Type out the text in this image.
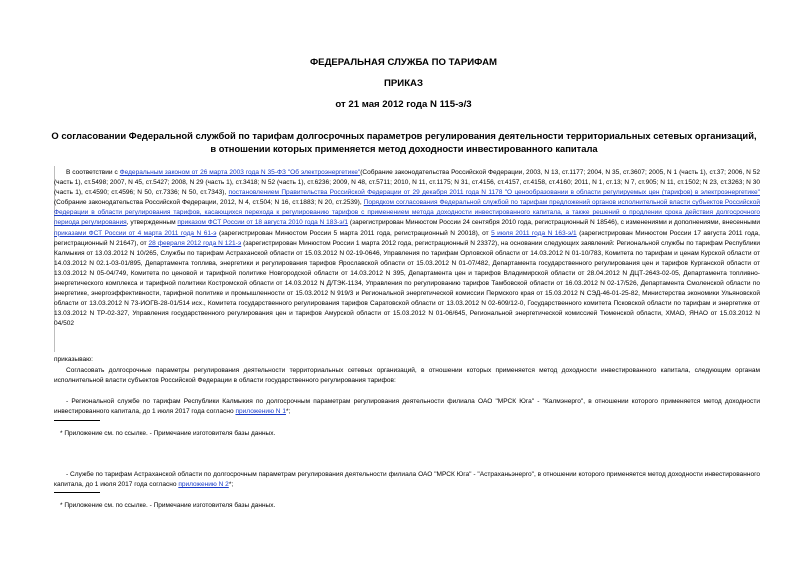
ФЕДЕРАЛЬНАЯ СЛУЖБА ПО ТАРИФАМ
ПРИКАЗ
от 21 мая 2012 года N 115-э/3
О согласовании Федеральной службой по тарифам долгосрочных параметров регулирования деятельности территориальных сетевых организаций, в отношении которых применяется метод доходности инвестированного капитала
В соответствии с Федеральным законом от 26 марта 2003 года N 35-ФЗ "Об электроэнергетике"(Собрание законодательства Российской Федерации, 2003, N 13, ст.1177; 2004, N 35, ст.3607; 2005, N 1 (часть 1), ст.37; 2006, N 52 (часть 1), ст.5498; 2007, N 45, ст.5427; 2008, N 29 (часть 1), ст.3418; N 52 (часть 1), ст.6236; 2009, N 48, ст.5711; 2010, N 11, ст.1175; N 31, ст.4156, ст.4157, ст.4158, ст.4160; 2011, N 1, ст.13; N 7, ст.905; N 11, ст.1502; N 23, ст.3263; N 30 (часть 1), ст.4590; ст.4596; N 50, ст.7336; N 50, ст.7343), постановлением Правительства Российской Федерации от 29 декабря 2011 года N 1178 "О ценообразовании в области регулируемых цен (тарифов) в электроэнергетике" (Собрание законодательства Российской Федерации, 2012, N 4, ст.504; N 16, ст.1883; N 20, ст.2539), Порядком согласования Федеральной службой по тарифам предложений органов исполнительной власти субъектов Российской Федерации в области регулирования тарифов, касающихся перехода к регулированию тарифов с применением метода доходности инвестированного капитала, а также решений о продлении срока действия долгосрочного периода регулирования, утвержденным приказом ФСТ России от 18 августа 2010 года N 183-э/1 (зарегистрирован Минюстом России 24 сентября 2010 года, регистрационный N 18546), с изменениями и дополнениями, внесенными приказами ФСТ России от 4 марта 2011 года N 61-э (зарегистрирован Минюстом России 5 марта 2011 года, регистрационный N 20018), от 5 июля 2011 года N 163-э/1 (зарегистрирован Минюстом России 17 августа 2011 года, регистрационный N 21647), от 28 февраля 2012 года N 121-э (зарегистрирован Минюстом России 1 марта 2012 года, регистрационный N 23372), на основании следующих заявлений: Региональной службы по тарифам Республики Калмыкия от 13.03.2012 N 10/265, Службы по тарифам Астраханской области от 15.03.2012 N 02-19-0646, Управления по тарифам Орловской области от 14.03.2012 N 01-10/783, Комитета по тарифам и ценам Курской области от 14.03.2012 N 02.1-03-01/895, Департамента топлива, энергетики и регулирования тарифов Ярославской области от 15.03.2012 N 01-07/482, Департамента государственного регулирования цен и тарифов Курганской области от 13.03.2012 N 05-04/749, Комитета по ценовой и тарифной политике Новгородской области от 14.03.2012 N 395, Департамента цен и тарифов Владимирской области от 28.04.2012 N ДЦТ-2643-02-05, Департамента топливно-энергетического комплекса и тарифной политики Костромской области от 14.03.2012 N Д/ТЭК-1134, Управления по регулированию тарифов Тамбовской области от 16.03.2012 N 02-17/526, Департамента Смоленской области по энергетике, энергоэффективности, тарифной политике и промышленности от 15.03.2012 N 919/3 и Региональной энергетической комиссии Пермского края от 15.03.2012 N СЭД-46-01-25-82, Министерства экономики Ульяновской области от 13.03.2012 N 73-ИОГВ-28-01/514 исх., Комитета государственного регулирования тарифов Саратовской области от 13.03.2012 N 02-609/12-0, Государственного комитета Псковской области по тарифам и энергетике от 13.03.2012 N ТР-02-327, Управления государственного регулирования цен и тарифов Амурской области от 15.03.2012 N 01-06/645, Региональной энергетической комиссией Тюменской области, ХМАО, ЯНАО от 15.03.2012 N 04/502
приказываю:
Согласовать долгосрочные параметры регулирования деятельности территориальных сетевых организаций, в отношении которых применяется метод доходности инвестированного капитала, следующим органам исполнительной власти субъектов Российской Федерации в области государственного регулирования тарифов:
- Региональной службе по тарифам Республики Калмыкия по долгосрочным параметрам регулирования деятельности филиала ОАО "МРСК Юга" - "Калмэнерго", в отношении которого применяется метод доходности инвестированного капитала, до 1 июля 2017 года согласно приложению N 1*;
* Приложение см. по ссылке. - Примечание изготовителя базы данных.
- Службе по тарифам Астраханской области по долгосрочным параметрам регулирования деятельности филиала ОАО "МРСК Юга" - "Астраханьэнерго", в отношении которого применяется метод доходности инвестированного капитала, до 1 июля 2017 года согласно приложению N 2*;
* Приложение см. по ссылке. - Примечание изготовителя базы данных.
